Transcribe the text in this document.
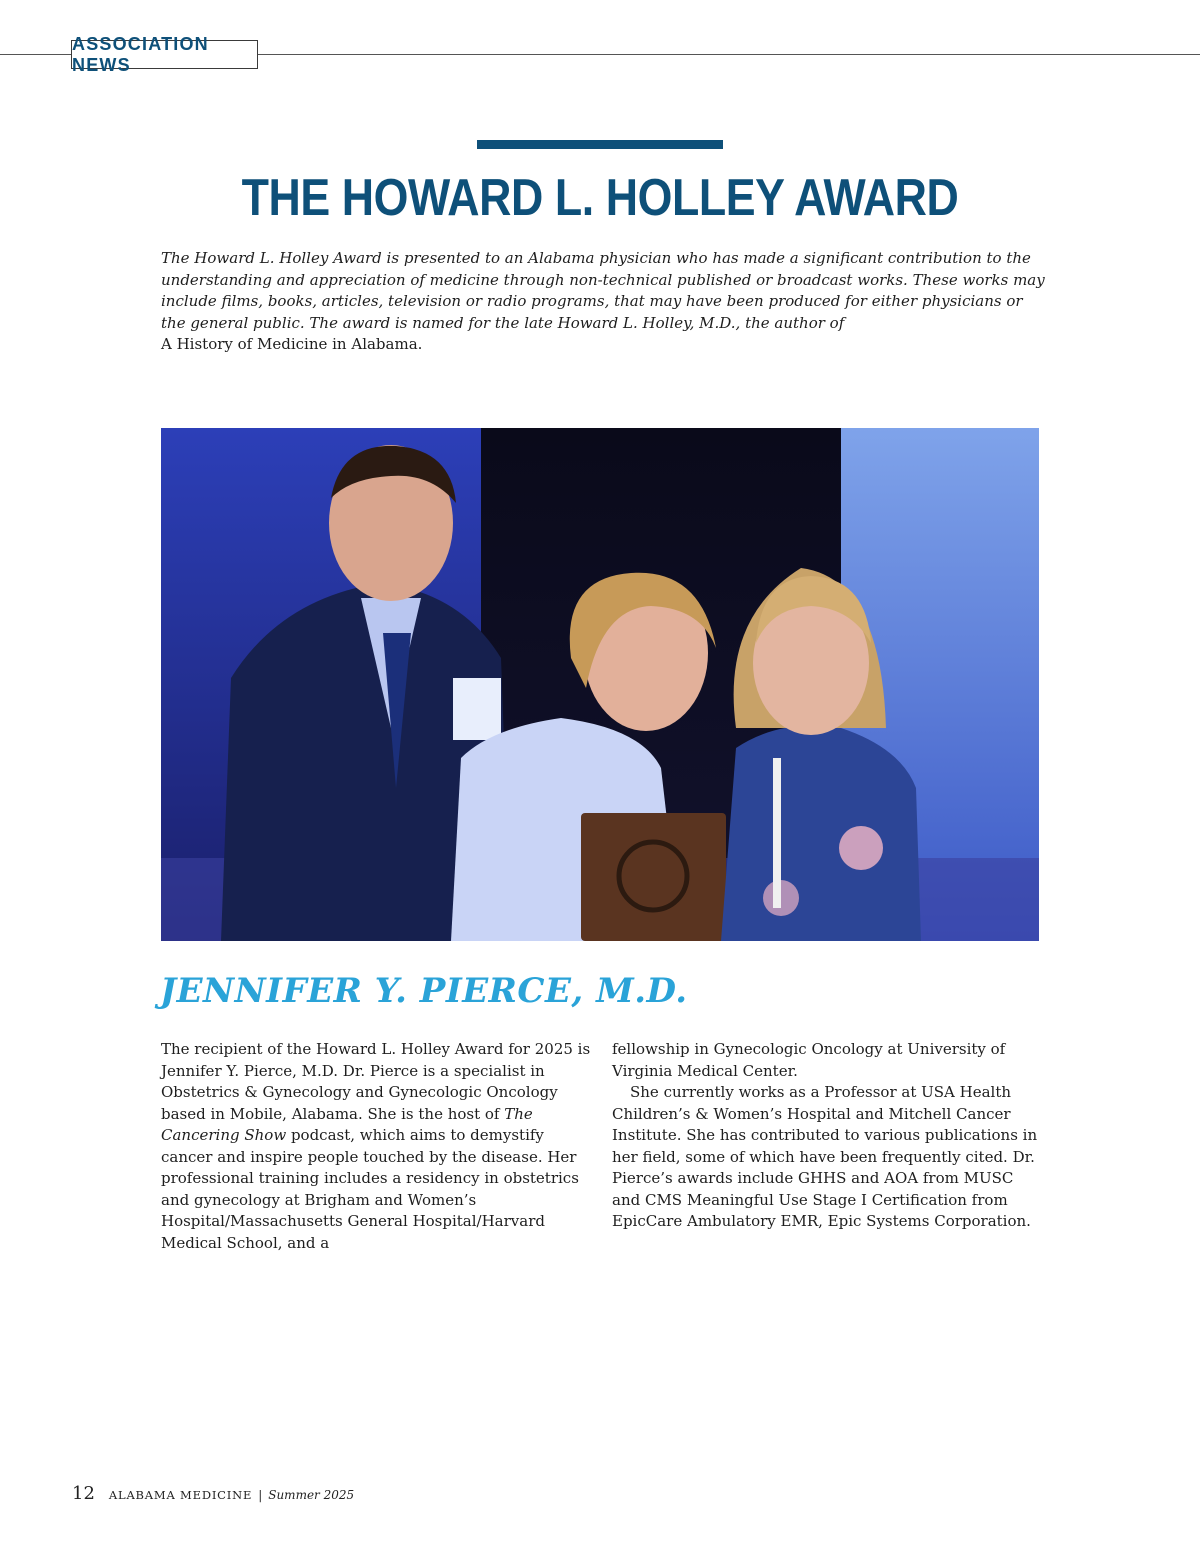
ASSOCIATION NEWS
THE HOWARD L. HOLLEY AWARD
The Howard L. Holley Award is presented to an Alabama physician who has made a significant contribution to the understanding and appreciation of medicine through non-technical published or broadcast works. These works may include films, books, articles, television or radio programs, that may have been produced for either physicians or the general public. The award is named for the late Howard L. Holley, M.D., the author of
A History of Medicine in Alabama.
JENNIFER Y. PIERCE, M.D.

The recipient of the Howard L. Holley Award for 2025 is Jennifer Y. Pierce, M.D. Dr. Pierce is a specialist in Obstetrics & Gynecology and Gynecologic Oncology based in Mobile, Alabama. She is the host of The Cancering Show podcast, which aims to demystify cancer and inspire people touched by the disease. Her professional training includes a residency in obstetrics and gynecology at Brigham and Women’s Hospital/Massachusetts General Hospital/Harvard Medical School, and a

fellowship in Gynecologic Oncology at University of Virginia Medical Center.

She currently works as a Professor at USA Health Children’s & Women’s Hospital and Mitchell Cancer Institute. She has contributed to various publications in her field, some of which have been frequently cited. Dr. Pierce’s awards include GHHS and AOA from MUSC and CMS Meaningful Use Stage I Certification from EpicCare Ambulatory EMR, Epic Systems Corporation.

12 ALABAMA MEDICINE | Summer 2025
